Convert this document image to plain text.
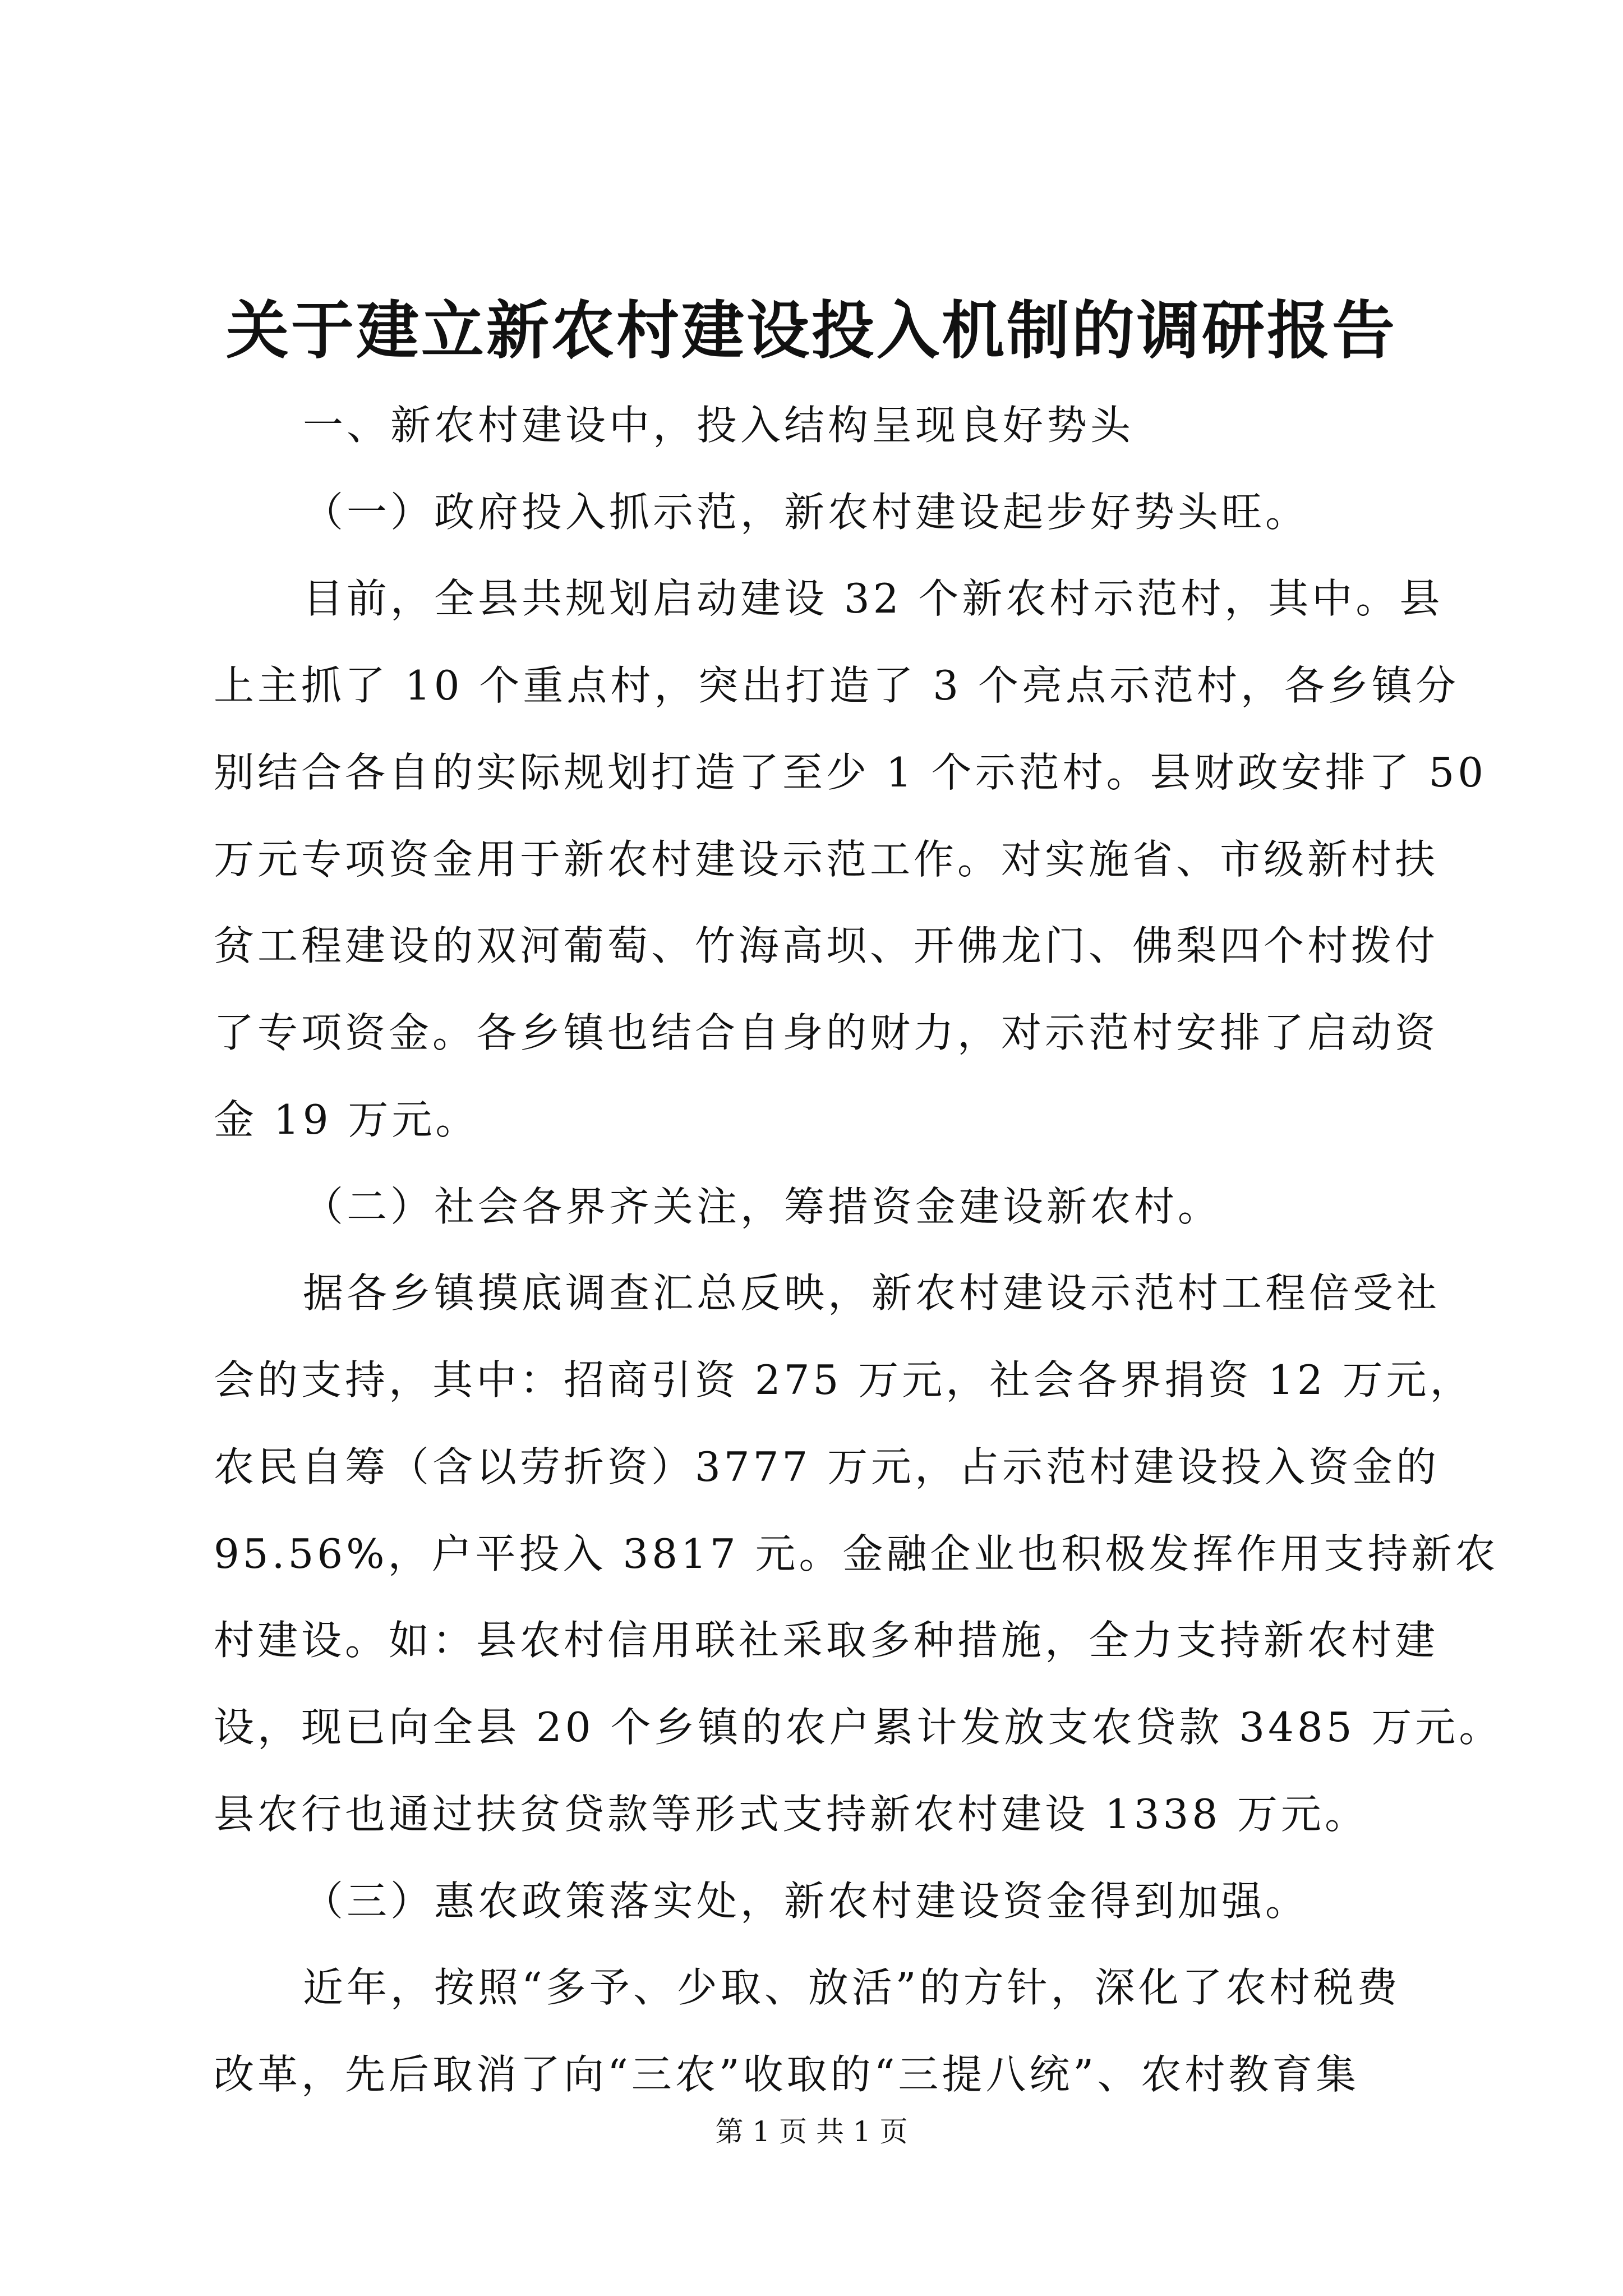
关于建立新农村建设投入机制的调研报告
一、新农村建设中，投入结构呈现良好势头
（一）政府投入抓示范，新农村建设起步好势头旺。
目前，全县共规划启动建设 32 个新农村示范村，其中。县
上主抓了 10 个重点村，突出打造了 3 个亮点示范村，各乡镇分
别结合各自的实际规划打造了至少 1 个示范村。县财政安排了 50
万元专项资金用于新农村建设示范工作。对实施省、市级新村扶
贫工程建设的双河葡萄、竹海高坝、开佛龙门、佛梨四个村拨付
了专项资金。各乡镇也结合自身的财力，对示范村安排了启动资
金 19 万元。
（二）社会各界齐关注，筹措资金建设新农村。
据各乡镇摸底调查汇总反映，新农村建设示范村工程倍受社
会的支持，其中：招商引资 275 万元，社会各界捐资 12 万元，
农民自筹（含以劳折资）3777 万元，占示范村建设投入资金的
95.56%，户平投入 3817 元。金融企业也积极发挥作用支持新农
村建设。如：县农村信用联社采取多种措施，全力支持新农村建
设，现已向全县 20 个乡镇的农户累计发放支农贷款 3485 万元。
县农行也通过扶贫贷款等形式支持新农村建设 1338 万元。
（三）惠农政策落实处，新农村建设资金得到加强。
近年，按照“多予、少取、放活”的方针，深化了农村税费
第 1 页 共 1 页
改革，先后取消了向“三农”收取的“三提八统”、农村教育集
